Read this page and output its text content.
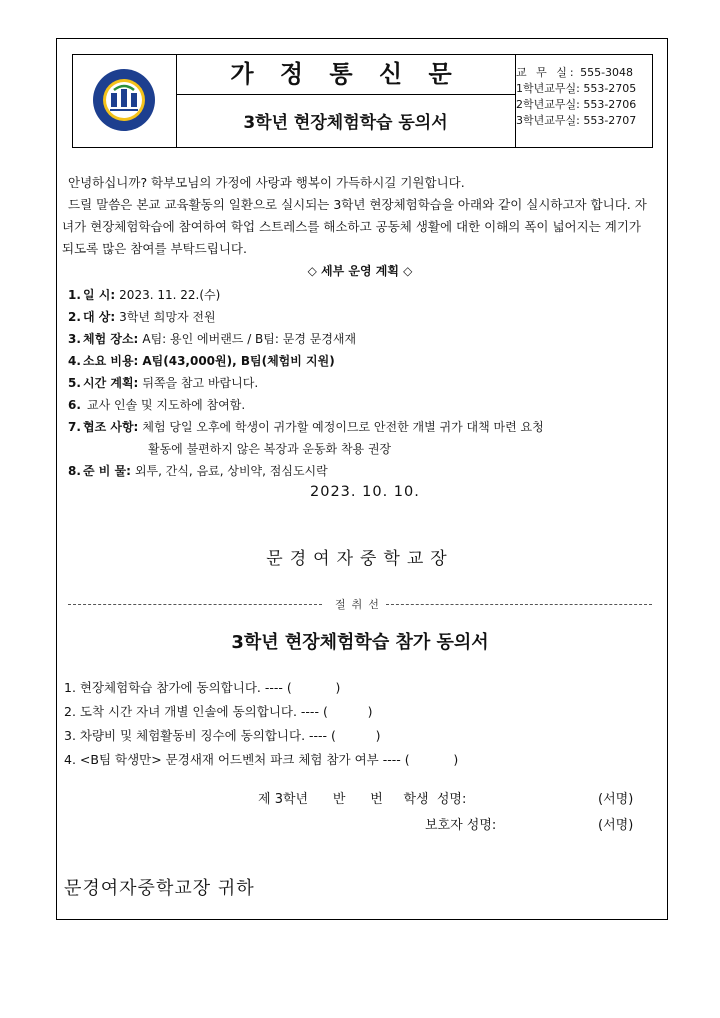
가 정 통 신 문
3학년 현장체험학습 동의서
교 무 실: 555-3048
1학년교무실: 553-2705
2학년교무실: 553-2706
3학년교무실: 553-2707

안녕하십니까? 학부모님의 가정에 사랑과 행복이 가득하시길 기원합니다.

드릴 말씀은 본교 교육활동의 일환으로 실시되는 3학년 현장체험학습을 아래와 같이 실시하고자 합니다. 자녀가 현장체험학습에 참여하여 학업 스트레스를 해소하고 공동체 생활에 대한 이해의 폭이 넓어지는 계기가 되도록 많은 참여를 부탁드립니다.

◇ 세부 운영 계획 ◇
1. 일 시: 2023. 11. 22.(수)
2. 대 상: 3학년 희망자 전원
3. 체험 장소: A팀: 용인 에버랜드 / B팀: 문경 문경새재
4. 소요 비용: A팀(43,000원), B팀(체험비 지원)
5. 시간 계획: 뒤쪽을 참고 바랍니다.
6. 교사 인솔 및 지도하에 참여함.
7. 협조 사항: 체험 당일 오후에 학생이 귀가할 예정이므로 안전한 개별 귀가 대책 마련 요청
활동에 불편하지 않은 복장과 운동화 착용 권장
8. 준 비 물: 외투, 간식, 음료, 상비약, 점심도시락
2023. 10. 10.
문경여자중학교장
절취선
3학년 현장체험학습 참가 동의서
1. 현장체험학습 참가에 동의합니다. ---- (           )
2. 도착 시간 자녀 개별 인솔에 동의합니다. ---- (          )
3. 차량비 및 체험활동비 징수에 동의합니다. ---- (          )
4. <B팀 학생만> 문경새재 어드벤처 파크 체험 참가 여부 ---- (           )
제 3학년      반      번     학생  성명:	(서명)
보호자 성명:	(서명)
문경여자중학교장 귀하
